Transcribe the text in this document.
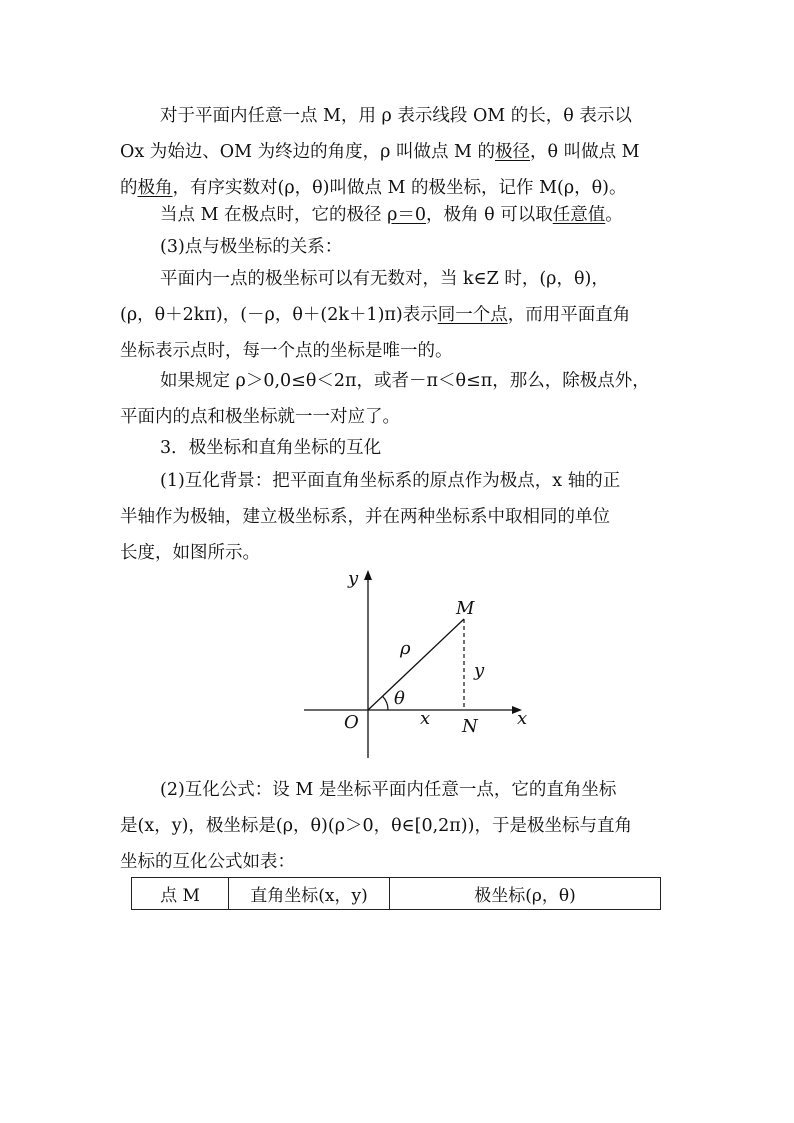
对于平面内任意一点 M，用 ρ 表示线段 OM 的长，θ 表示以
Ox 为始边、OM 为终边的角度，ρ 叫做点 M 的极径，θ 叫做点 M
的极角，有序实数对(ρ，θ)叫做点 M 的极坐标，记作 M(ρ，θ)。
当点 M 在极点时，它的极径 ρ＝0，极角 θ 可以取任意值。
(3)点与极坐标的关系：
平面内一点的极坐标可以有无数对，当 k∈Z 时，(ρ，θ)，
(ρ，θ＋2kπ)，(－ρ，θ＋(2k＋1)π)表示同一个点，而用平面直角
坐标表示点时，每一个点的坐标是唯一的。
如果规定 ρ＞0,0≤θ＜2π，或者－π＜θ≤π，那么，除极点外，
平面内的点和极坐标就一一对应了。
3．极坐标和直角坐标的互化
(1)互化背景：把平面直角坐标系的原点作为极点，x 轴的正
半轴作为极轴，建立极坐标系，并在两种坐标系中取相同的单位
长度，如图所示。
y
x
O
M
N
ρ
θ
x
y
(2)互化公式：设 M 是坐标平面内任意一点，它的直角坐标
是(x，y)，极坐标是(ρ，θ)(ρ＞0，θ∈[0,2π))，于是极坐标与直角
坐标的互化公式如表：
点 M	直角坐标(x，y)	极坐标(ρ，θ)
